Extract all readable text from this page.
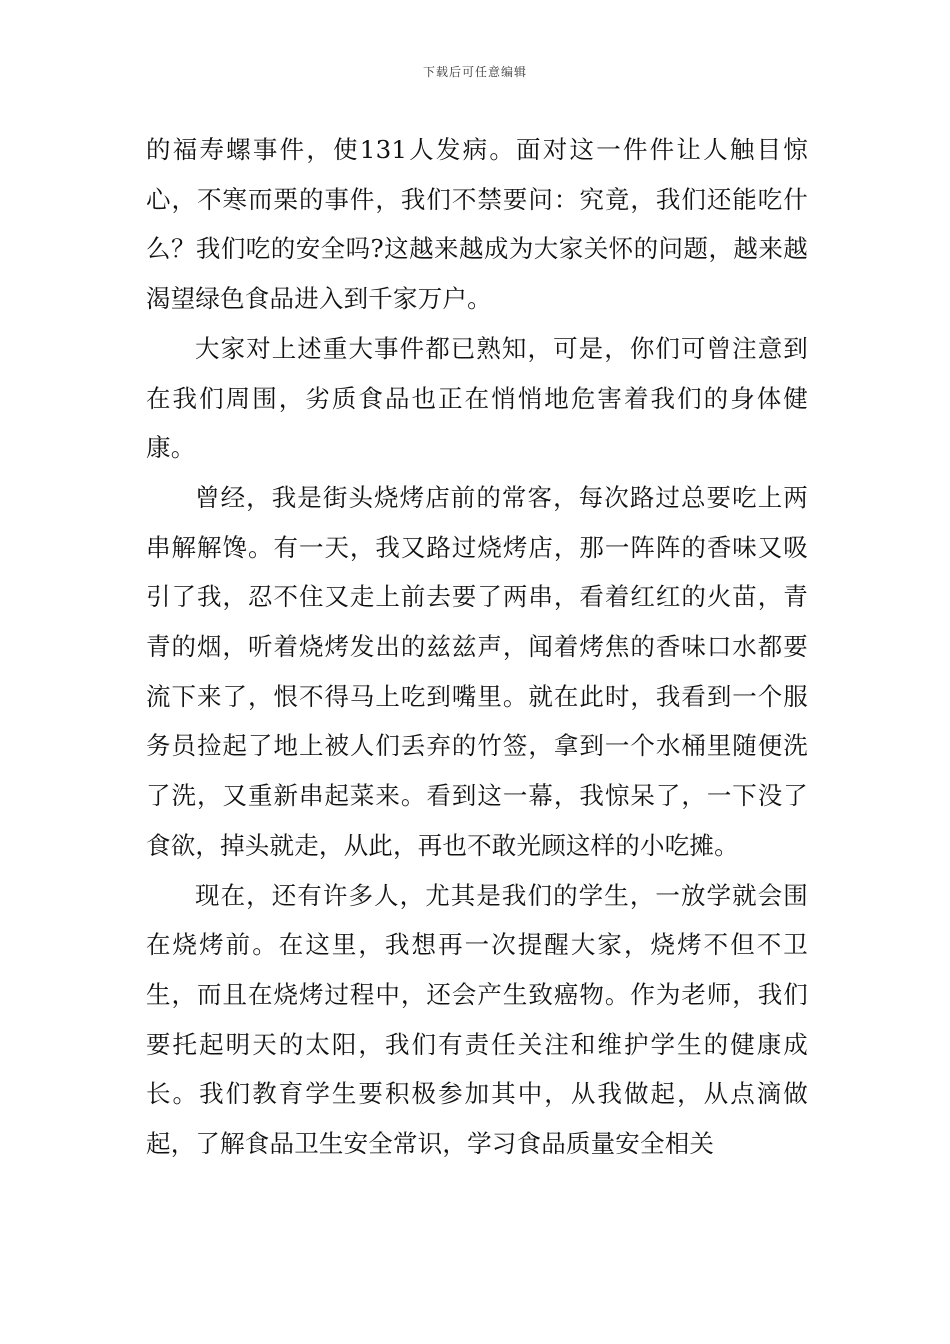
下载后可任意编辑

的福寿螺事件，使131人发病。面对这一件件让人触目惊心，不寒而栗的事件，我们不禁要问：究竟，我们还能吃什么？我们吃的安全吗?这越来越成为大家关怀的问题，越来越渴望绿色食品进入到千家万户。

大家对上述重大事件都已熟知，可是，你们可曾注意到在我们周围，劣质食品也正在悄悄地危害着我们的身体健康。

曾经，我是街头烧烤店前的常客，每次路过总要吃上两串解解馋。有一天，我又路过烧烤店，那一阵阵的香味又吸引了我，忍不住又走上前去要了两串，看着红红的火苗，青青的烟，听着烧烤发出的兹兹声，闻着烤焦的香味口水都要流下来了，恨不得马上吃到嘴里。就在此时，我看到一个服务员捡起了地上被人们丢弃的竹签，拿到一个水桶里随便洗了洗，又重新串起菜来。看到这一幕，我惊呆了，一下没了食欲，掉头就走，从此，再也不敢光顾这样的小吃摊。

现在，还有许多人，尤其是我们的学生，一放学就会围在烧烤前。在这里，我想再一次提醒大家，烧烤不但不卫生，而且在烧烤过程中，还会产生致癌物。作为老师，我们要托起明天的太阳，我们有责任关注和维护学生的健康成长。我们教育学生要积极参加其中，从我做起，从点滴做起，了解食品卫生安全常识，学习食品质量安全相关
